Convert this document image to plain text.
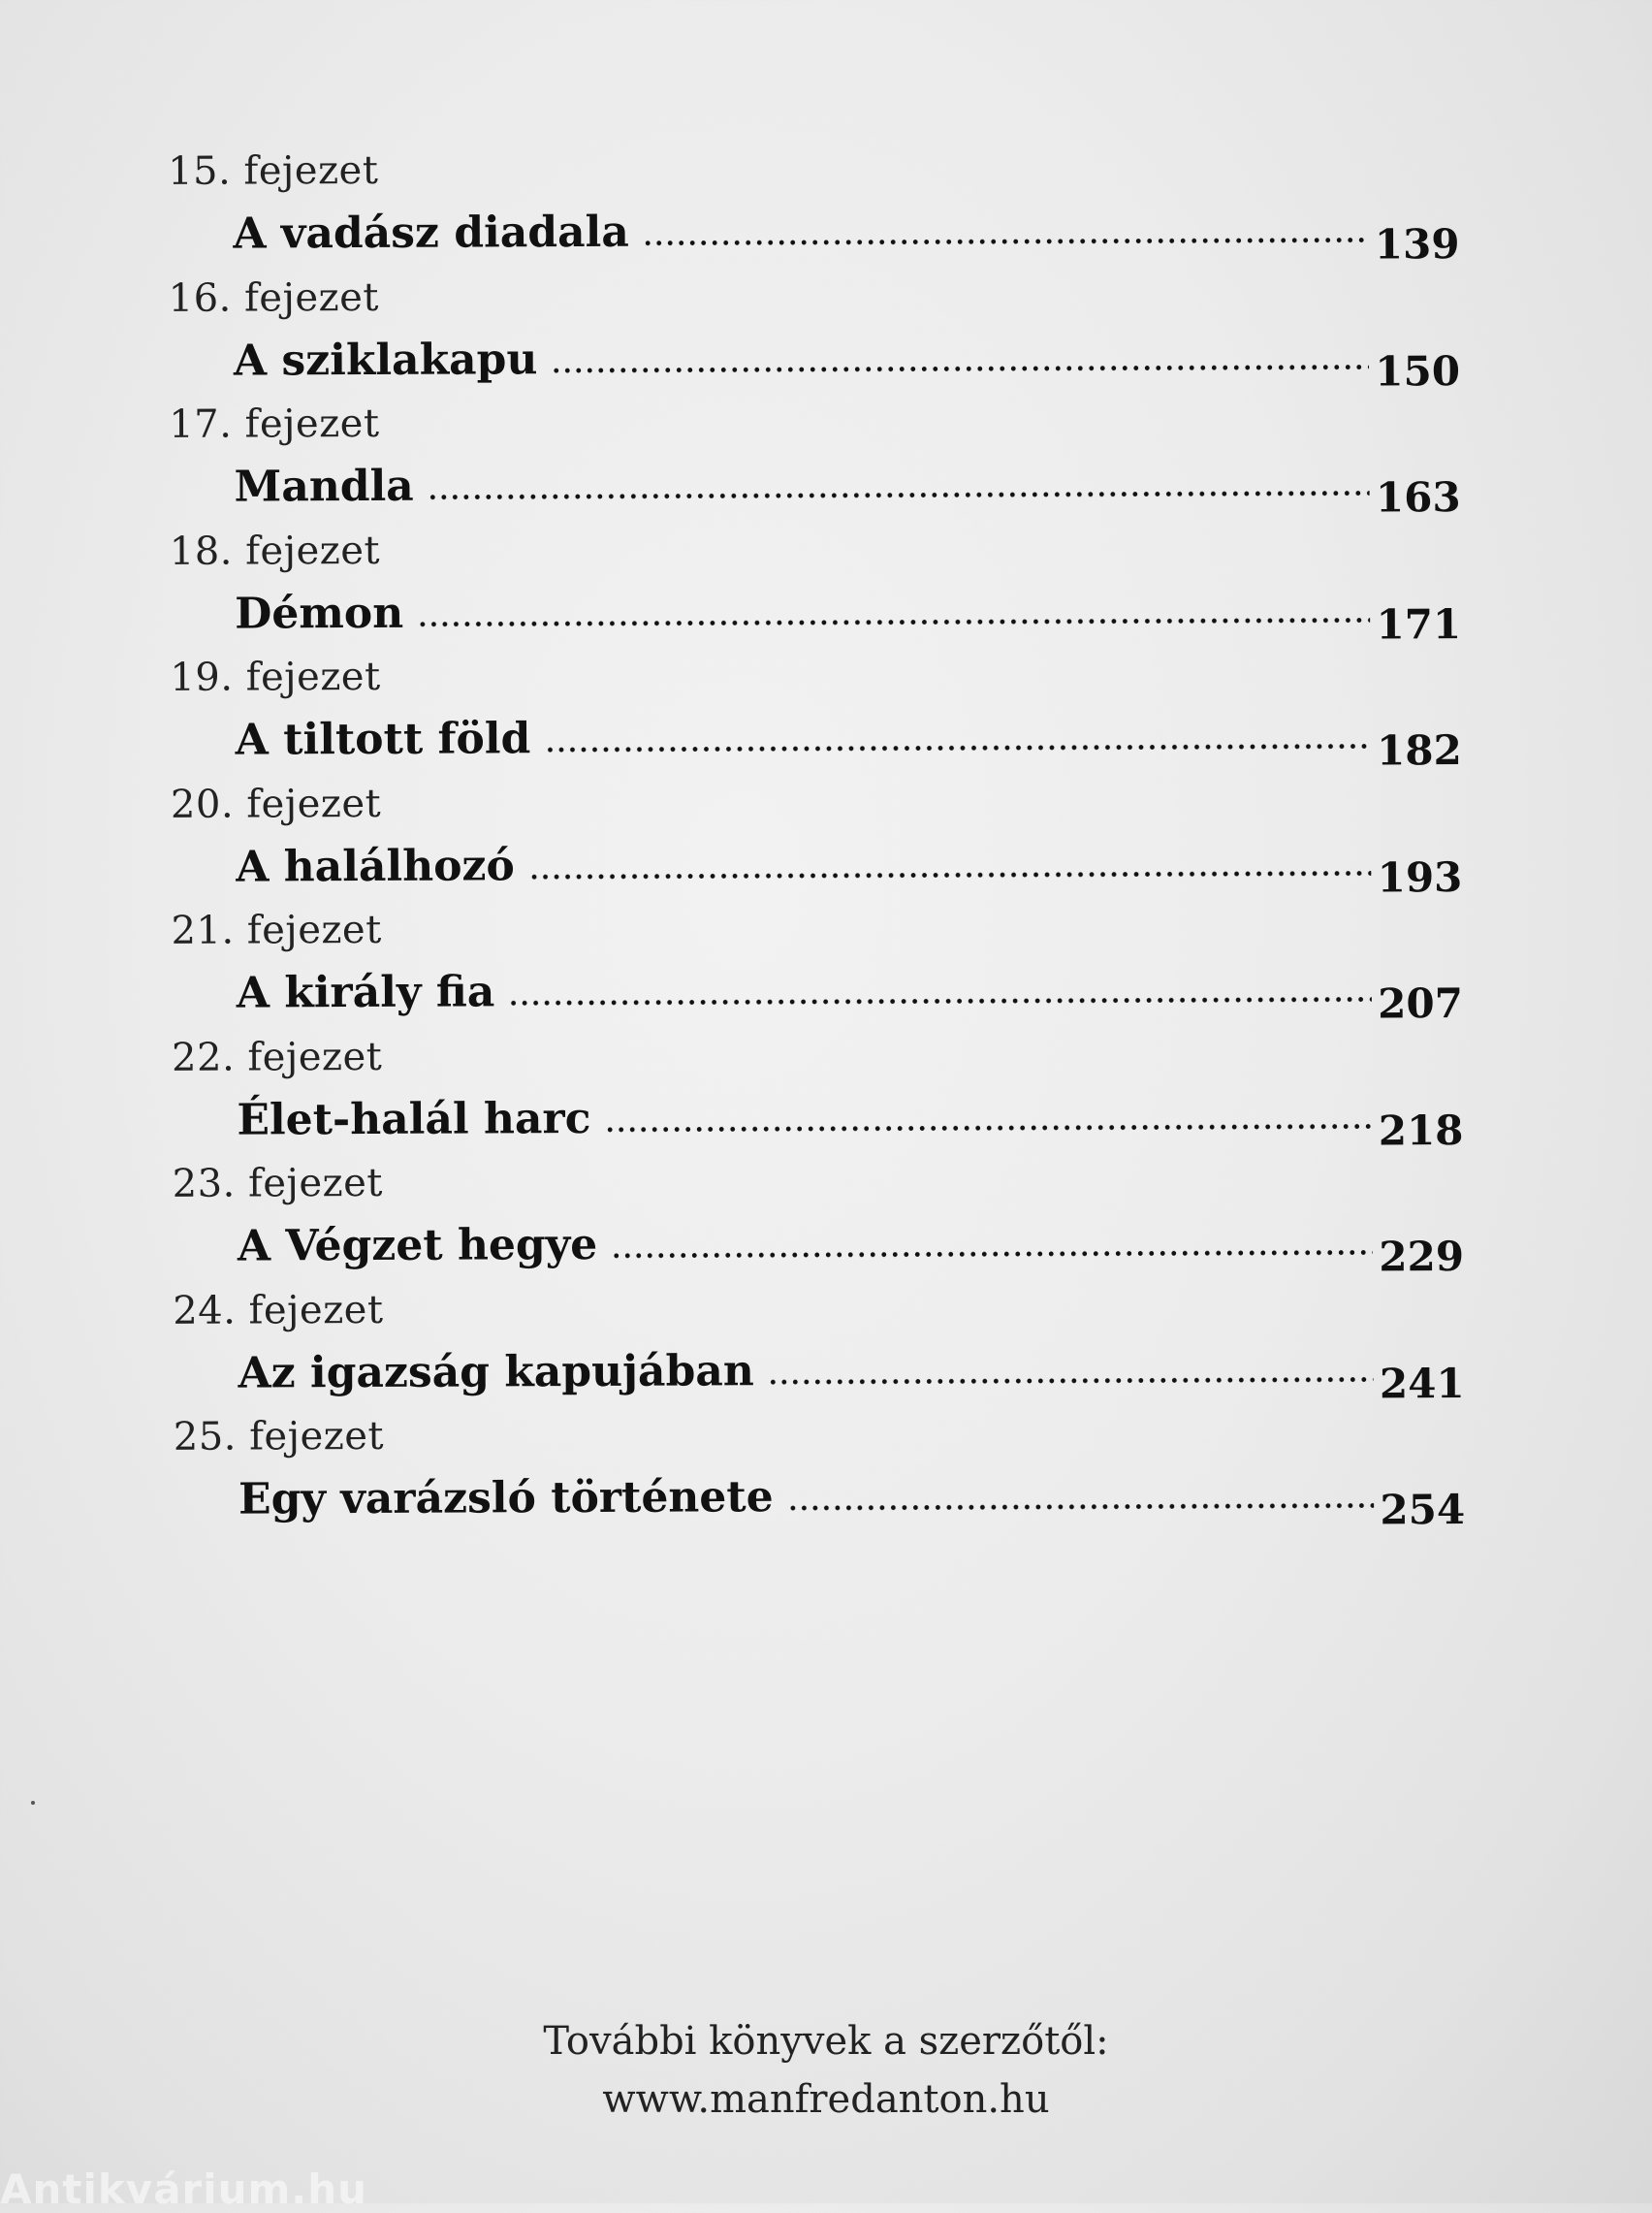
15. fejezet
A vadász diadala	139
16. fejezet
A sziklakapu	150
17. fejezet
Mandla	163
18. fejezet
Démon	171
19. fejezet
A tiltott föld	182
20. fejezet
A halálhozó	193
21. fejezet
A király fia	207
22. fejezet
Élet-halál harc	218
23. fejezet
A Végzet hegye	229
24. fejezet
Az igazság kapujában	241
25. fejezet
Egy varázsló története	254
További könyvek a szerzőtől:
www.manfredanton.hu
Antikvárium.hu
